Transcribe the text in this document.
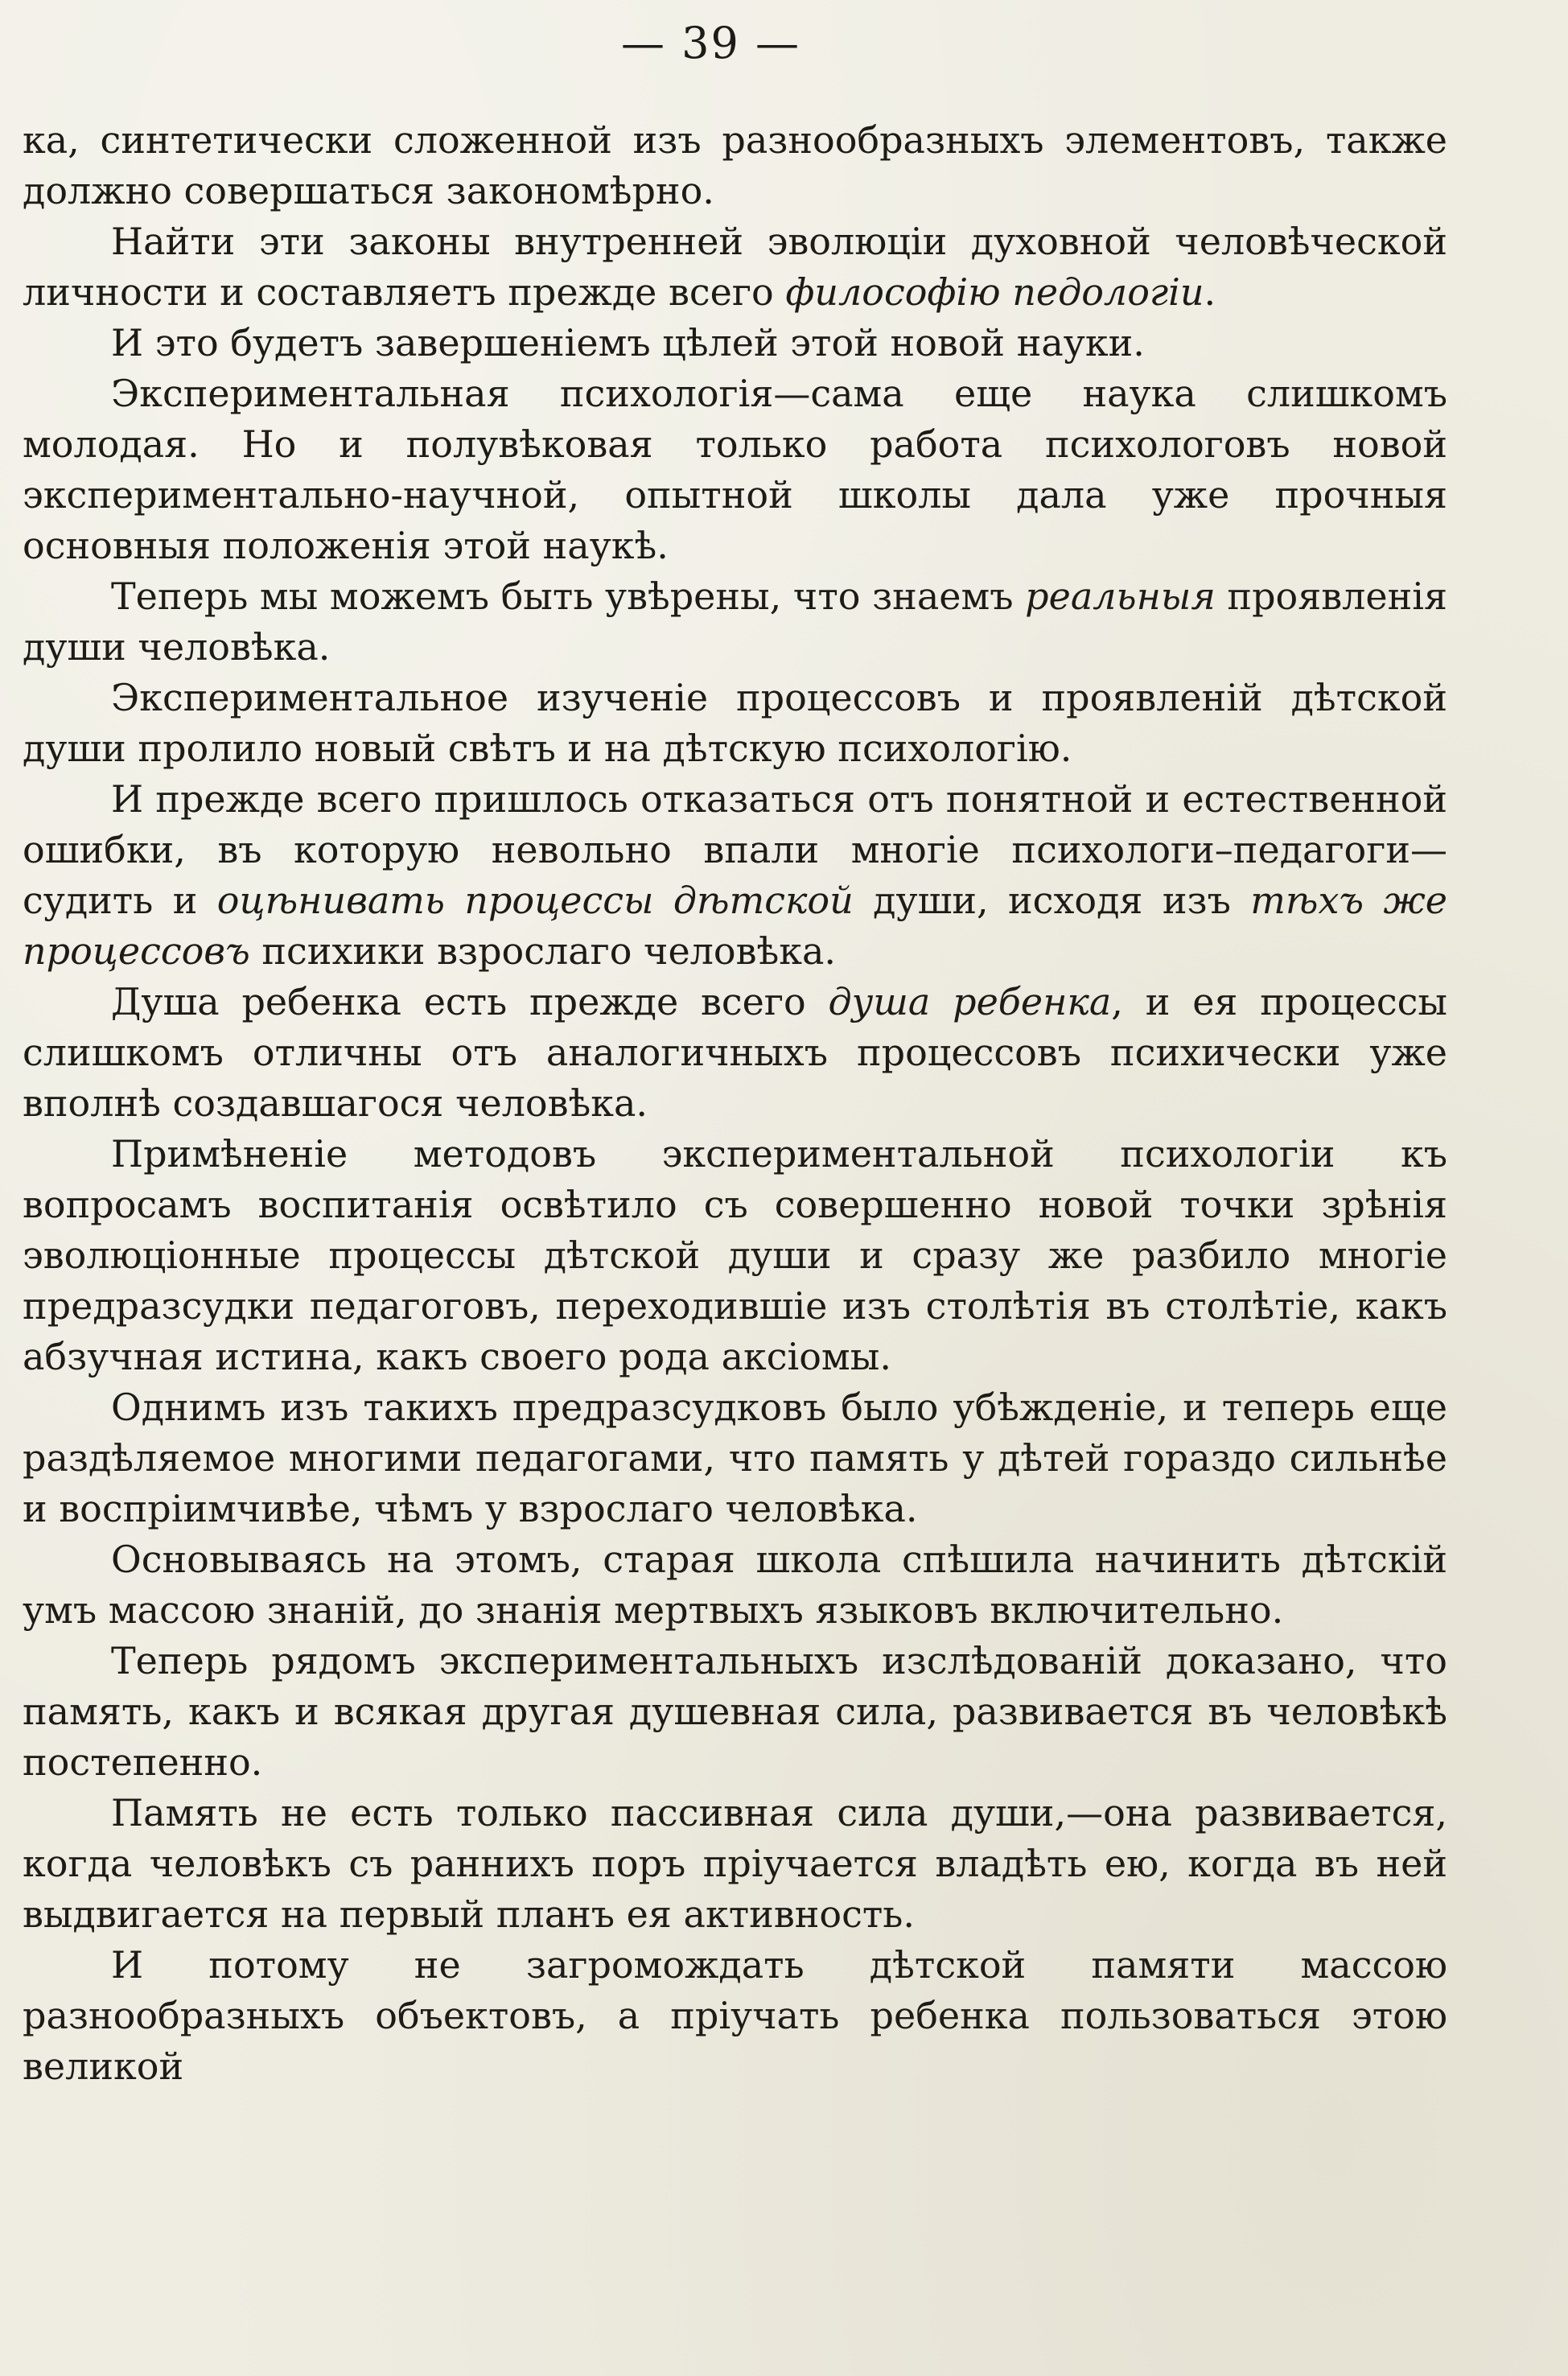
— 39 —

ка, синтетически сложенной изъ разнообразныхъ элементовъ, также должно совершаться закономѣрно.

Найти эти законы внутренней эволюціи духовной человѣческой личности и составляетъ прежде всего философію педологіи.

И это будетъ завершеніемъ цѣлей этой новой науки.

Экспериментальная психологія—сама еще наука слишкомъ молодая. Но и полувѣковая только работа психологовъ новой экспериментально-научной, опытной школы дала уже прочныя основныя положенія этой наукѣ.

Теперь мы можемъ быть увѣрены, что знаемъ реальныя проявленія души человѣка.

Экспериментальное изученіе процессовъ и проявленій дѣтской души пролило новый свѣтъ и на дѣтскую психологію.

И прежде всего пришлось отказаться отъ понятной и естественной ошибки, въ которую невольно впали многіе психологи–педагоги—судить и оцѣнивать процессы дѣтской души, исходя изъ тѣхъ же процессовъ психики взрослаго человѣка.

Душа ребенка есть прежде всего душа ребенка, и ея процессы слишкомъ отличны отъ аналогичныхъ процессовъ психически уже вполнѣ создавшагося человѣка.

Примѣненіе методовъ экспериментальной психологіи къ вопросамъ воспитанія освѣтило съ совершенно новой точки зрѣнія эволюціонные процессы дѣтской души и сразу же разбило многіе предразсудки педагоговъ, переходившіе изъ столѣтія въ столѣтіе, какъ абзучная истина, какъ своего рода аксіомы.

Однимъ изъ такихъ предразсудковъ было убѣжденіе, и теперь еще раздѣляемое многими педагогами, что память у дѣтей гораздо сильнѣе и воспріимчивѣе, чѣмъ у взрослаго человѣка.

Основываясь на этомъ, старая школа спѣшила начинить дѣтскій умъ массою знаній, до знанія мертвыхъ языковъ включительно.

Теперь рядомъ экспериментальныхъ изслѣдованій доказано, что память, какъ и всякая другая душевная сила, развивается въ человѣкѣ постепенно.

Память не есть только пассивная сила души,—она развивается, когда человѣкъ съ раннихъ поръ пріучается владѣть ею, когда въ ней выдвигается на первый планъ ея активность.

И потому не загромождать дѣтской памяти массою разнообразныхъ объектовъ, а пріучать ребенка пользоваться этою великой
